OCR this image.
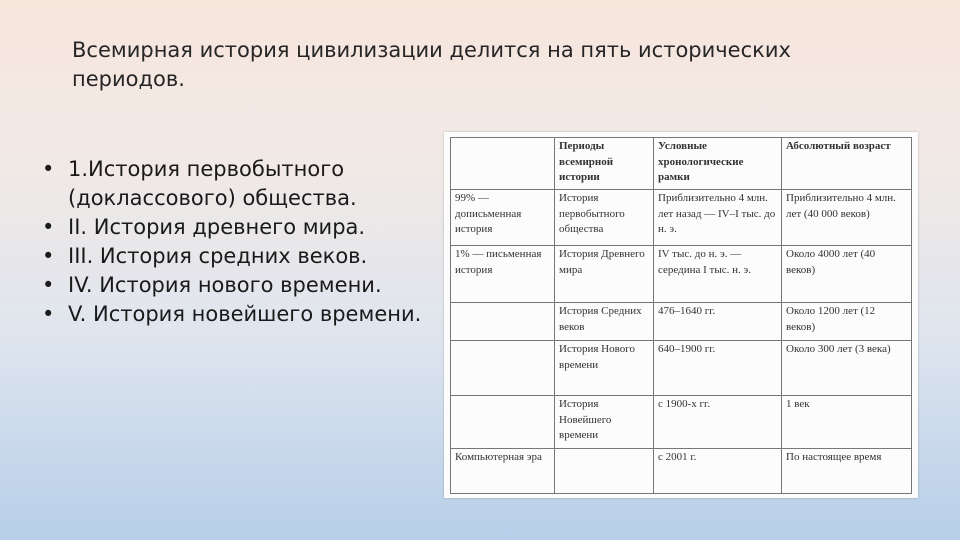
Всемирная история цивилизации делится на пять исторических периодов.
• 1.История первобытного (доклассового) общества.
• II. История древнего мира.
• III. История средних веков.
• IV. История нового времени.
• V. История новейшего времени.
	Периоды всемирной истории	Условные хронологические рамки	Абсолютный возраст
99% — дописьменная история	История первобытного общества	Приблизительно 4 млн. лет назад — IV–I тыс. до н. э.	Приблизительно 4 млн. лет (40 000 веков)
1% — письменная история	История Древнего мира	IV тыс. до н. э. — середина I тыс. н. э.	Около 4000 лет (40 веков)
	История Средних веков	476–1640 гг.	Около 1200 лет (12 веков)
	История Нового времени	640–1900 гг.	Около 300 лет (3 века)
	История Новейшего времени	с 1900-х гг.	1 век
Компьютерная эра		с 2001 г.	По настоящее время
